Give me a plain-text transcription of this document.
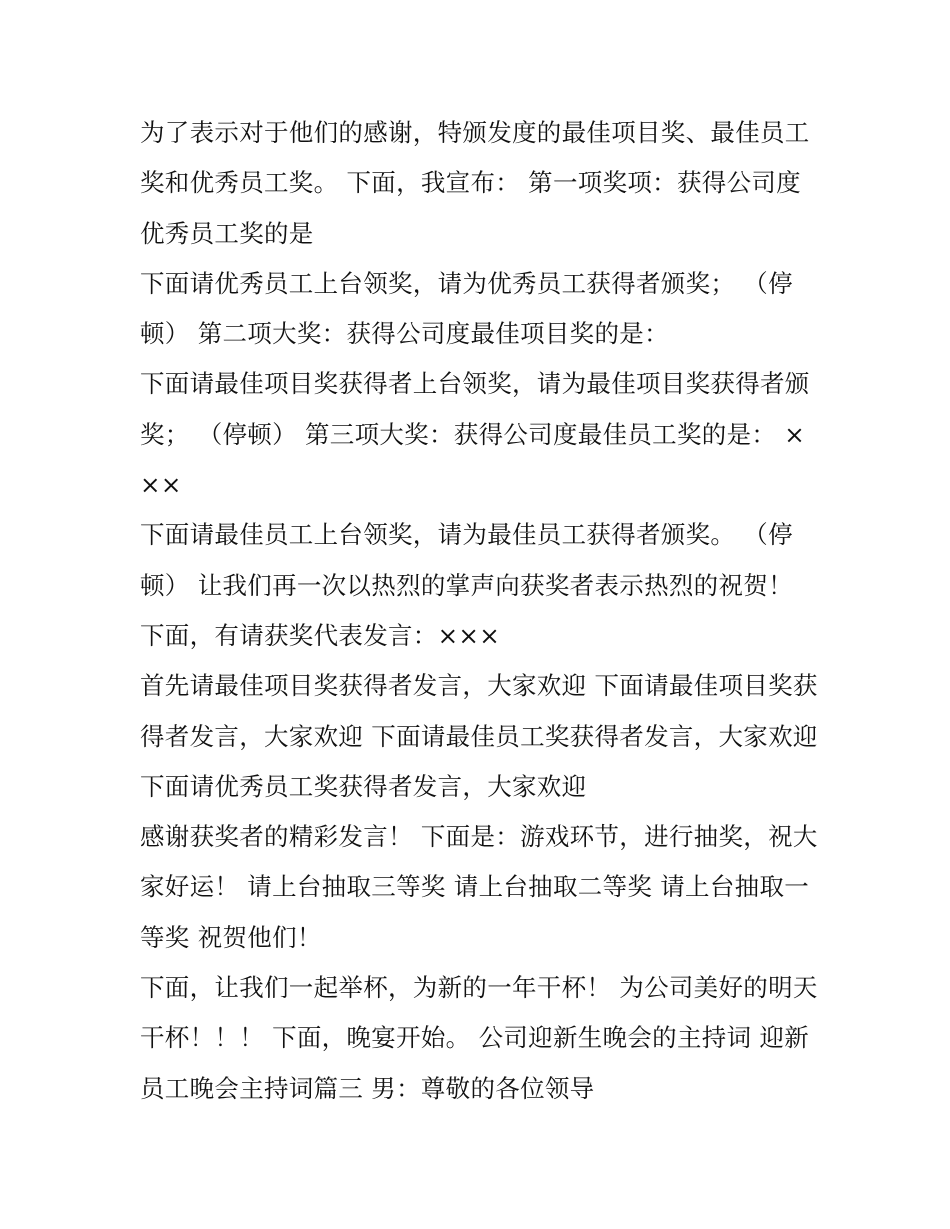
为了表示对于他们的感谢，特颁发度的最佳项目奖、最佳员工奖和优秀员工奖。 下面，我宣布： 第一项奖项：获得公司度优秀员工奖的是

下面请优秀员工上台领奖，请为优秀员工获得者颁奖； （停顿） 第二项大奖：获得公司度最佳项目奖的是：

下面请最佳项目奖获得者上台领奖，请为最佳项目奖获得者颁奖； （停顿） 第三项大奖：获得公司度最佳员工奖的是： ×××

下面请最佳员工上台领奖，请为最佳员工获得者颁奖。 （停顿） 让我们再一次以热烈的掌声向获奖者表示热烈的祝贺！

下面，有请获奖代表发言：×××

首先请最佳项目奖获得者发言，大家欢迎 下面请最佳项目奖获得者发言，大家欢迎 下面请最佳员工奖获得者发言，大家欢迎 下面请优秀员工奖获得者发言，大家欢迎

感谢获奖者的精彩发言！ 下面是：游戏环节，进行抽奖，祝大家好运！ 请上台抽取三等奖 请上台抽取二等奖 请上台抽取一等奖 祝贺他们！

下面，让我们一起举杯，为新的一年干杯！ 为公司美好的明天干杯！！！ 下面，晚宴开始。 公司迎新生晚会的主持词 迎新员工晚会主持词篇三 男：尊敬的各位领导
